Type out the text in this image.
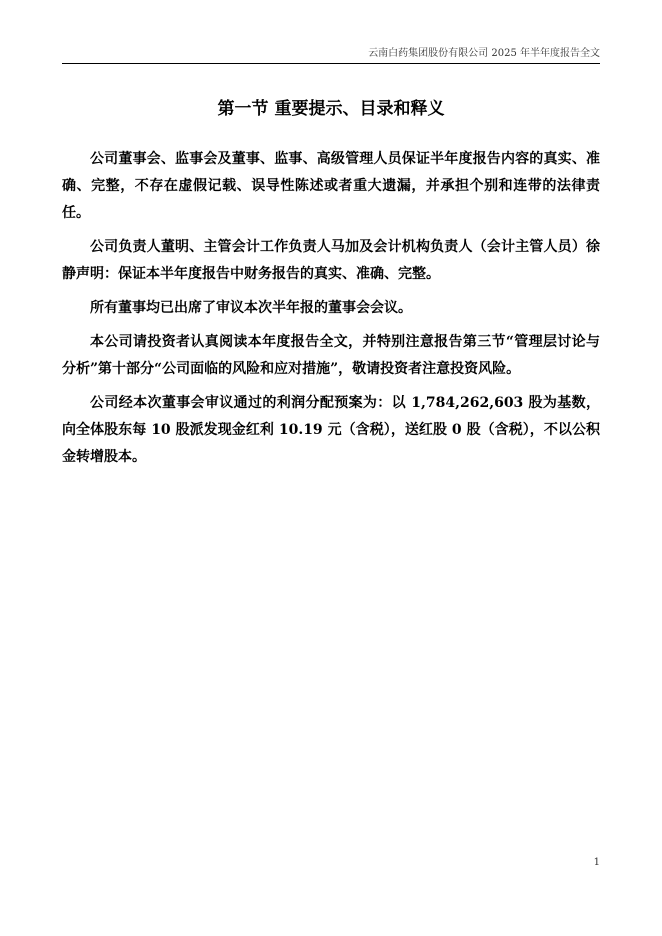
云南白药集团股份有限公司 2025 年半年度报告全文
第一节 重要提示、目录和释义

公司董事会、监事会及董事、监事、高级管理人员保证半年度报告内容的真实、准确、完整，不存在虚假记载、误导性陈述或者重大遗漏，并承担个别和连带的法律责任。

公司负责人董明、主管会计工作负责人马加及会计机构负责人（会计主管人员）徐静声明：保证本半年度报告中财务报告的真实、准确、完整。

所有董事均已出席了审议本次半年报的董事会会议。

本公司请投资者认真阅读本年度报告全文，并特别注意报告第三节“管理层讨论与分析”第十部分“公司面临的风险和应对措施”，敬请投资者注意投资风险。

公司经本次董事会审议通过的利润分配预案为：以 1,784,262,603 股为基数，向全体股东每 10 股派发现金红利 10.19 元（含税），送红股 0 股（含税），不以公积金转增股本。

1
